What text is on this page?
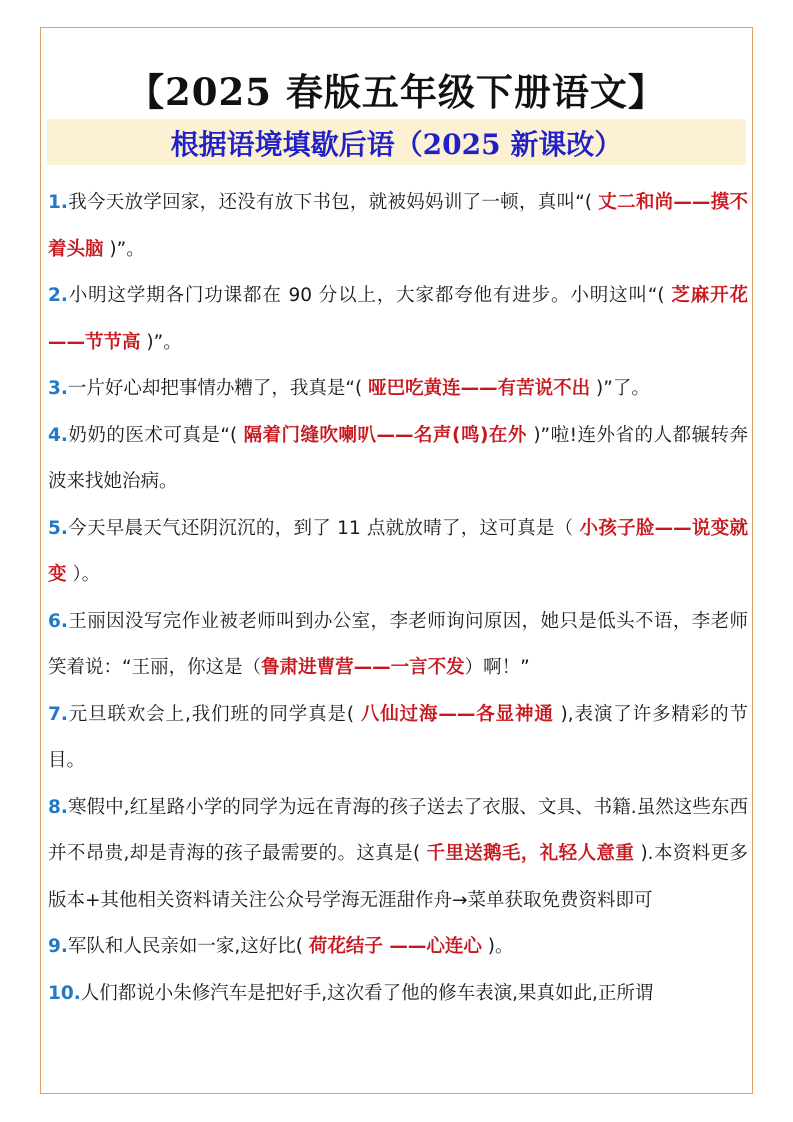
【2025 春版五年级下册语文】
根据语境填歇后语（2025 新课改）

1.我今天放学回家，还没有放下书包，就被妈妈训了一顿，真叫“( 丈二和尚——摸不着头脑 )”。

2.小明这学期各门功课都在 90 分以上，大家都夸他有进步。小明这叫“( 芝麻开花——节节高 )”。

3.一片好心却把事情办糟了，我真是“( 哑巴吃黄连——有苦说不出 )”了。

4.奶奶的医术可真是“( 隔着门缝吹喇叭——名声(鸣)在外 )”啦!连外省的人都辗转奔波来找她治病。

5.今天早晨天气还阴沉沉的，到了 11 点就放晴了，这可真是（ 小孩子脸——说变就变 ）。

6.王丽因没写完作业被老师叫到办公室，李老师询问原因，她只是低头不语，李老师笑着说：“王丽，你这是（鲁肃进曹营——一言不发）啊！”

7.元旦联欢会上,我们班的同学真是( 八仙过海——各显神通 ),表演了许多精彩的节目。

8.寒假中,红星路小学的同学为远在青海的孩子送去了衣服、文具、书籍.虽然这些东西并不昂贵,却是青海的孩子最需要的。这真是( 千里送鹅毛，礼轻人意重 ).本资料更多版本+其他相关资料请关注公众号学海无涯甜作舟→菜单获取免费资料即可

9.军队和人民亲如一家,这好比( 荷花结子 ——心连心 )。

10.人们都说小朱修汽车是把好手,这次看了他的修车表演,果真如此,正所谓
